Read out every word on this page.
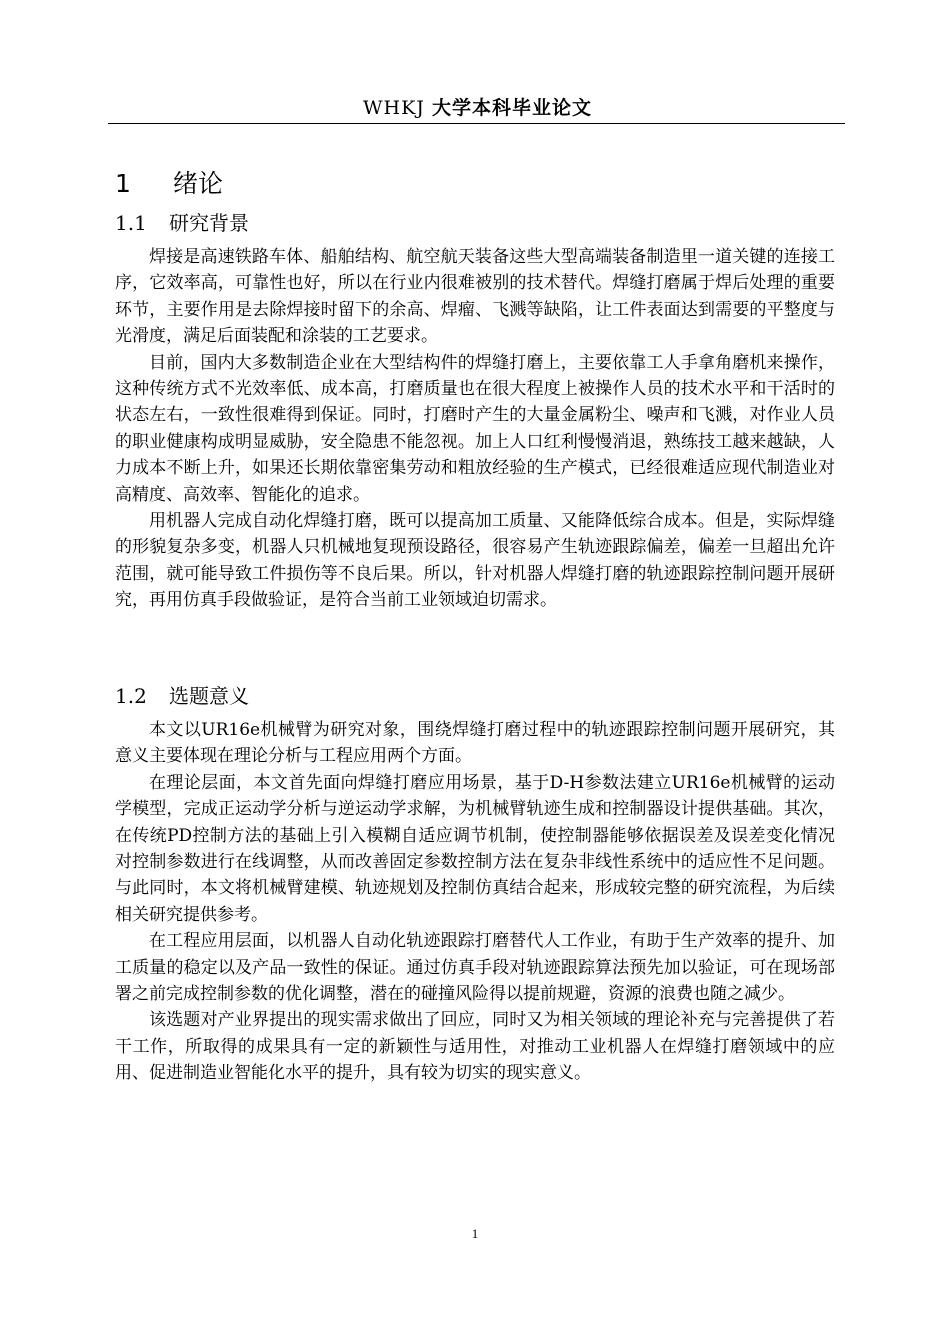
WHKJ 大学本科毕业论文
1 绪论
1.1 研究背景

焊接是高速铁路车体、船舶结构、航空航天装备这些大型高端装备制造里一道关键的连接工序，它效率高，可靠性也好，所以在行业内很难被别的技术替代。焊缝打磨属于焊后处理的重要环节，主要作用是去除焊接时留下的余高、焊瘤、飞溅等缺陷，让工件表面达到需要的平整度与光滑度，满足后面装配和涂装的工艺要求。

目前，国内大多数制造企业在大型结构件的焊缝打磨上，主要依靠工人手拿角磨机来操作，这种传统方式不光效率低、成本高，打磨质量也在很大程度上被操作人员的技术水平和干活时的状态左右，一致性很难得到保证。同时，打磨时产生的大量金属粉尘、噪声和飞溅，对作业人员的职业健康构成明显威胁，安全隐患不能忽视。加上人口红利慢慢消退，熟练技工越来越缺，人力成本不断上升，如果还长期依靠密集劳动和粗放经验的生产模式，已经很难适应现代制造业对高精度、高效率、智能化的追求。

用机器人完成自动化焊缝打磨，既可以提高加工质量、又能降低综合成本。但是，实际焊缝的形貌复杂多变，机器人只机械地复现预设路径，很容易产生轨迹跟踪偏差，偏差一旦超出允许范围，就可能导致工件损伤等不良后果。所以，针对机器人焊缝打磨的轨迹跟踪控制问题开展研究，再用仿真手段做验证，是符合当前工业领域迫切需求。

1.2 选题意义

本文以UR16e机械臂为研究对象，围绕焊缝打磨过程中的轨迹跟踪控制问题开展研究，其意义主要体现在理论分析与工程应用两个方面。

在理论层面，本文首先面向焊缝打磨应用场景，基于D-H参数法建立UR16e机械臂的运动学模型，完成正运动学分析与逆运动学求解，为机械臂轨迹生成和控制器设计提供基础。其次，在传统PD控制方法的基础上引入模糊自适应调节机制，使控制器能够依据误差及误差变化情况对控制参数进行在线调整，从而改善固定参数控制方法在复杂非线性系统中的适应性不足问题。与此同时，本文将机械臂建模、轨迹规划及控制仿真结合起来，形成较完整的研究流程，为后续相关研究提供参考。

在工程应用层面，以机器人自动化轨迹跟踪打磨替代人工作业，有助于生产效率的提升、加工质量的稳定以及产品一致性的保证。通过仿真手段对轨迹跟踪算法预先加以验证，可在现场部署之前完成控制参数的优化调整，潜在的碰撞风险得以提前规避，资源的浪费也随之减少。

该选题对产业界提出的现实需求做出了回应，同时又为相关领域的理论补充与完善提供了若干工作，所取得的成果具有一定的新颖性与适用性，对推动工业机器人在焊缝打磨领域中的应用、促进制造业智能化水平的提升，具有较为切实的现实意义。

1
